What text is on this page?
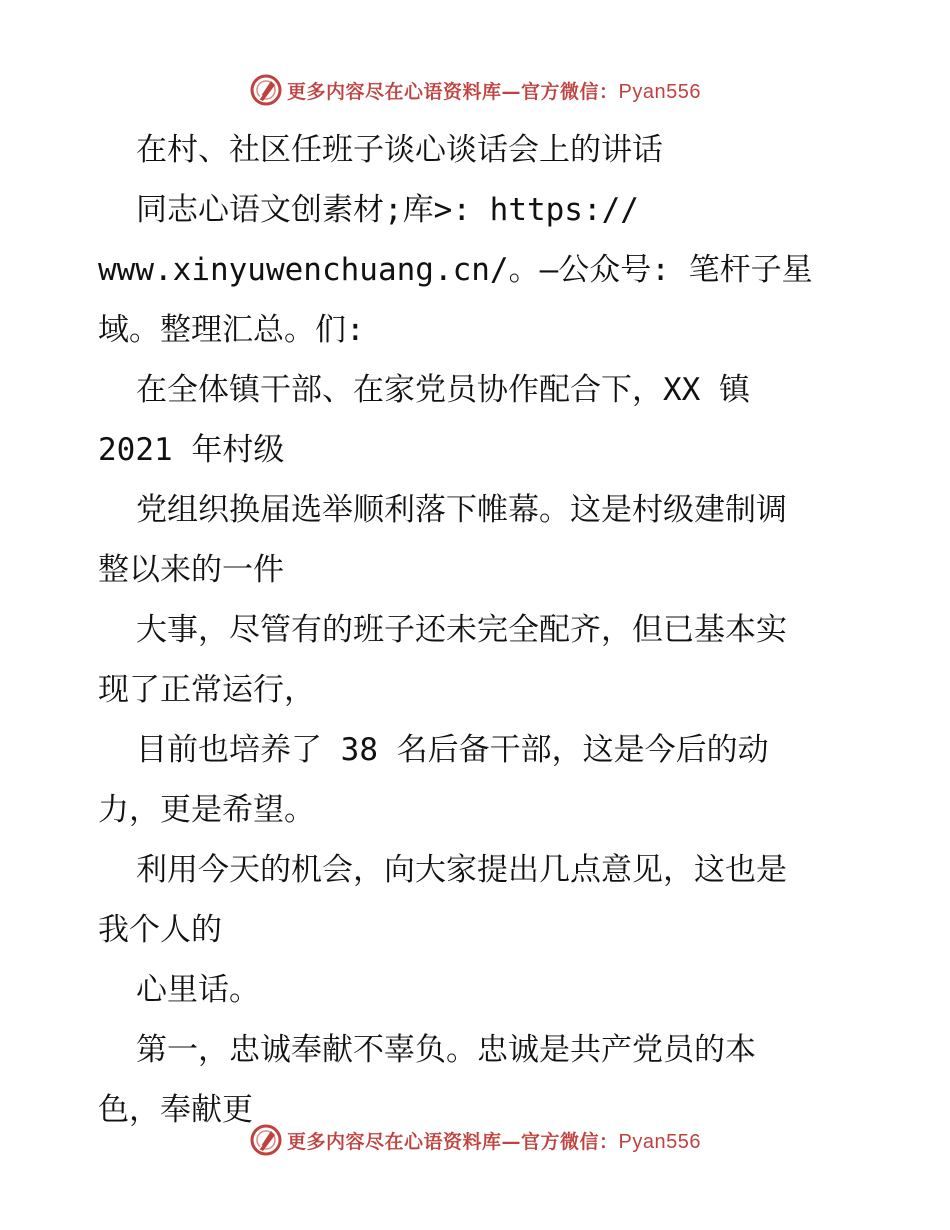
更多内容尽在心语资料库—官方微信：Pyan556
在村、社区任班子谈心谈话会上的讲话
同志心语文创素材;库>: https://
www.xinyuwenchuang.cn/。—公众号: 笔杆子星
域。整理汇总。们:
在全体镇干部、在家党员协作配合下，XX 镇
2021 年村级
党组织换届选举顺利落下帷幕。这是村级建制调
整以来的一件
大事，尽管有的班子还未完全配齐，但已基本实
现了正常运行，
目前也培养了 38 名后备干部，这是今后的动
力，更是希望。
利用今天的机会，向大家提出几点意见，这也是
我个人的
心里话。
第一，忠诚奉献不辜负。忠诚是共产党员的本
色，奉献更
更多内容尽在心语资料库—官方微信：Pyan556
